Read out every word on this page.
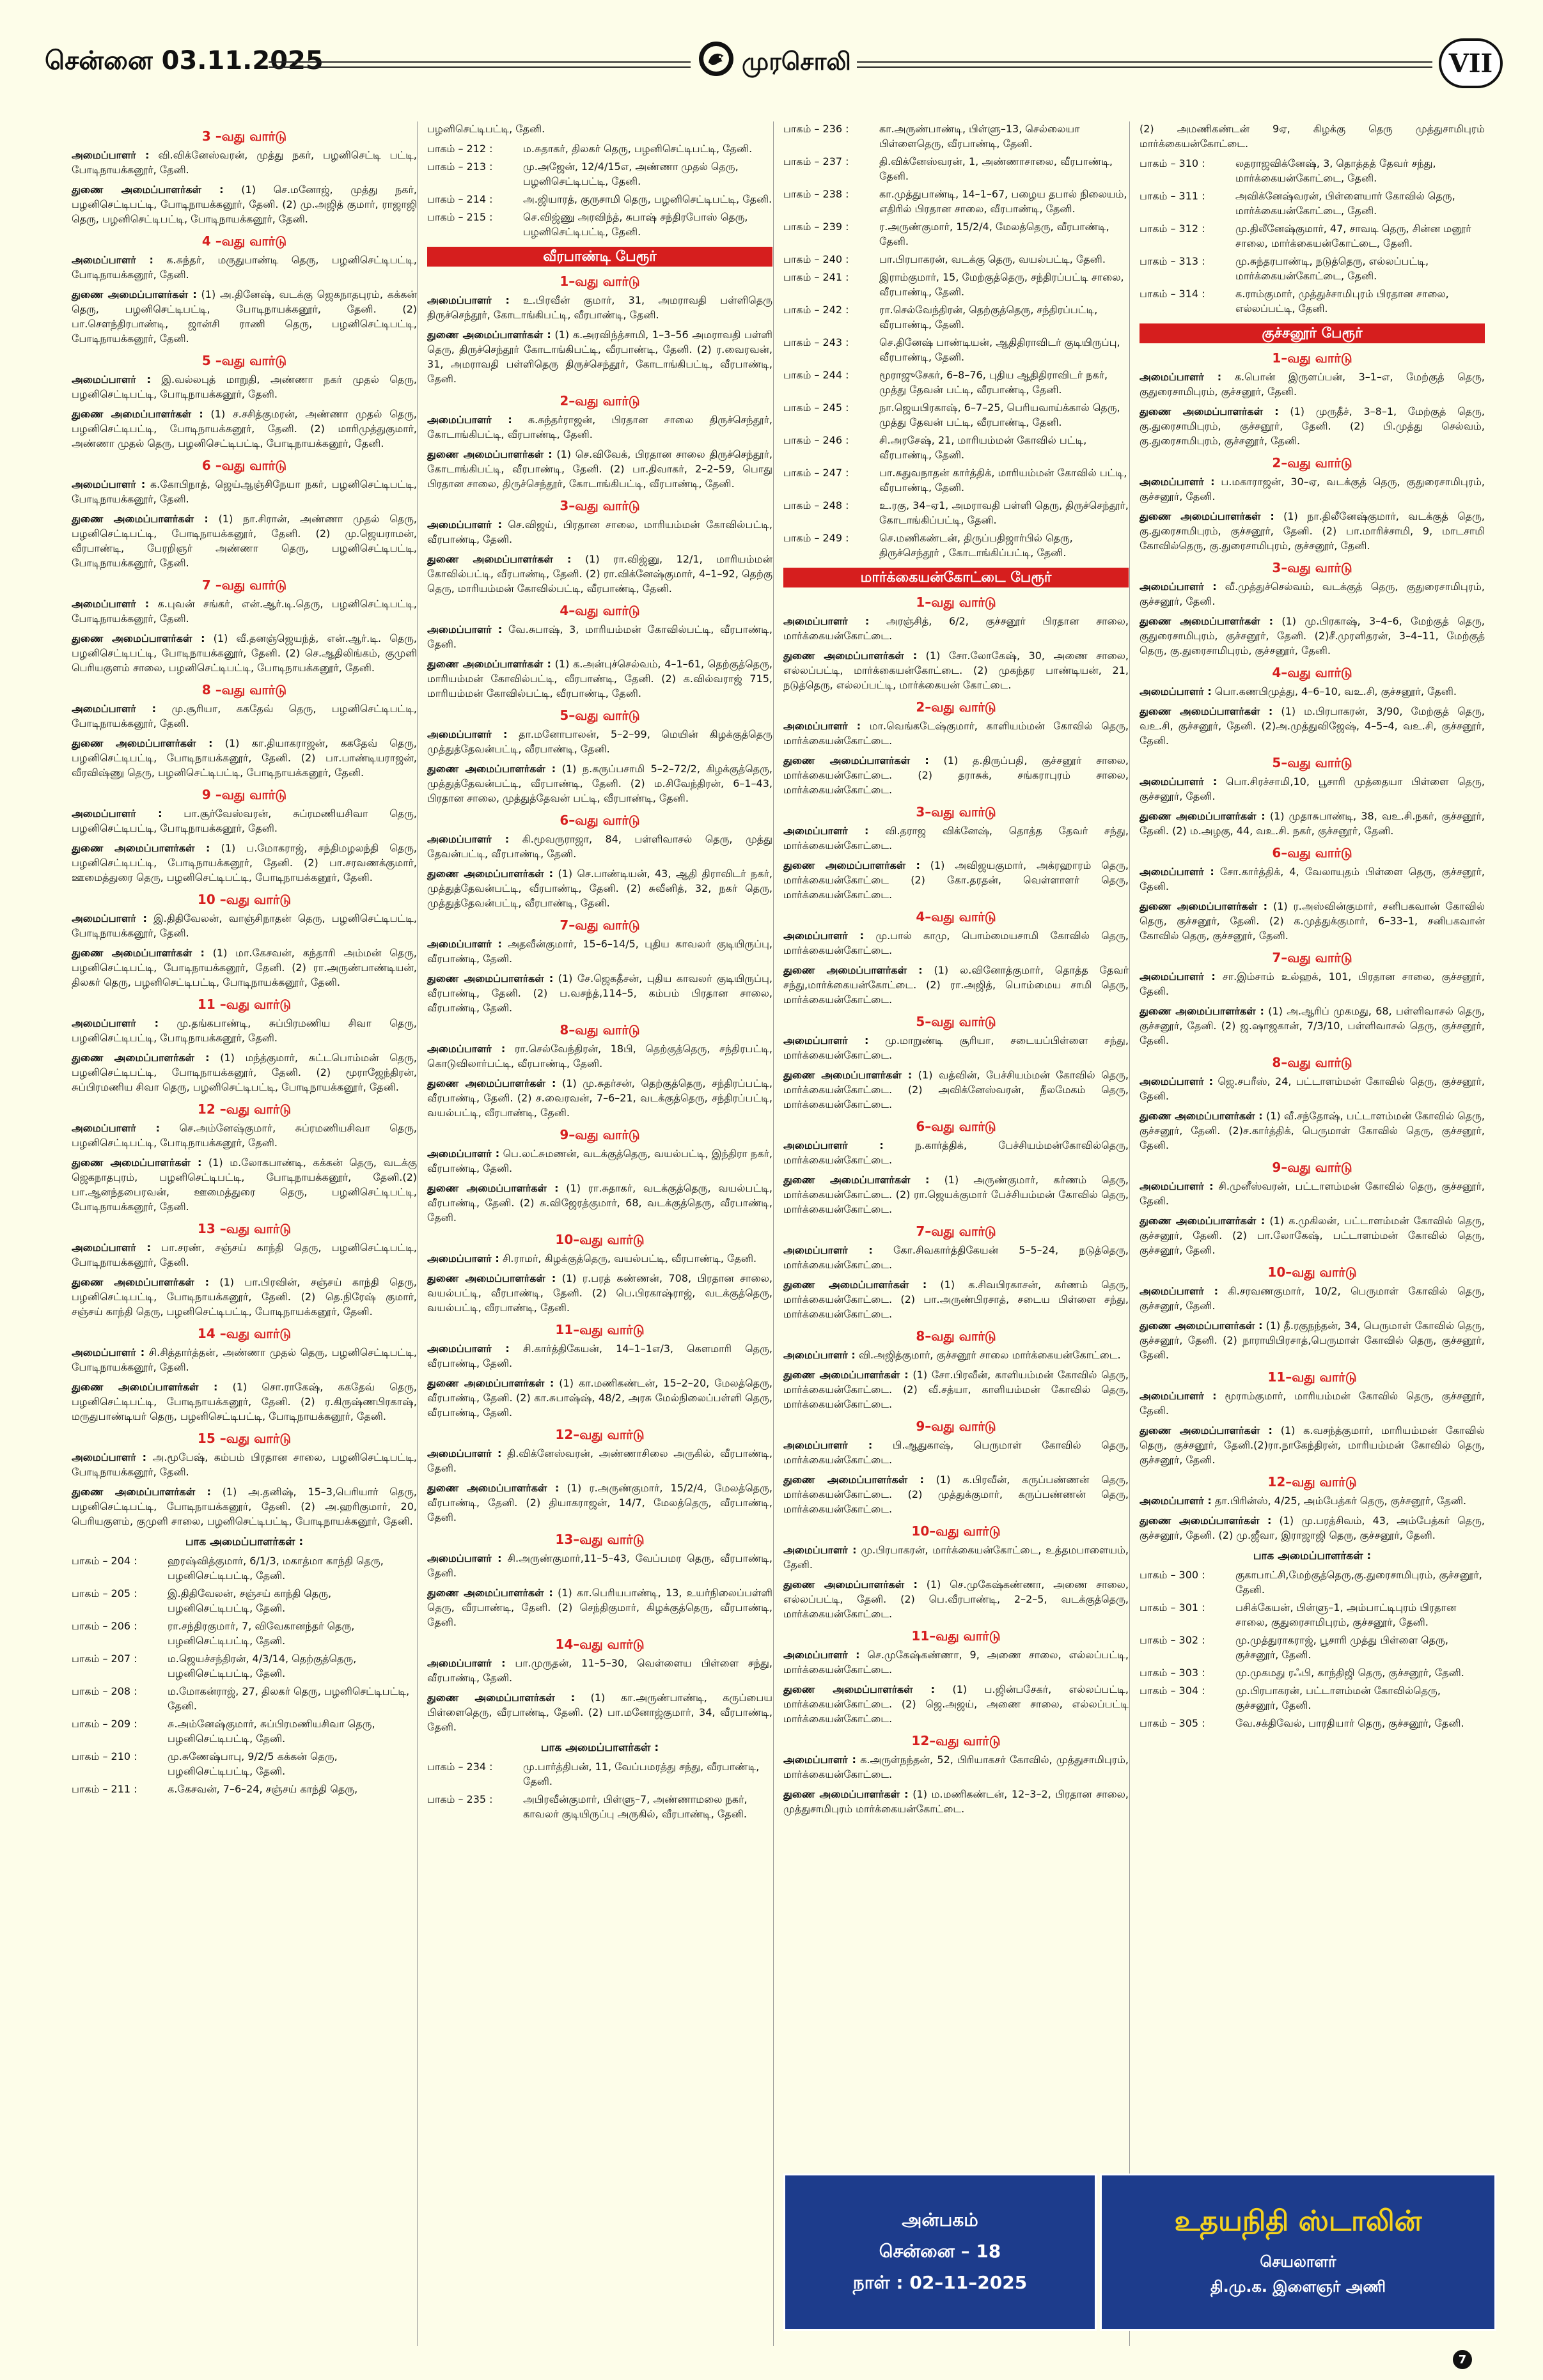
சென்னை 03.11.2025	முரசொலி	VII
3 –வது வார்டு
அமைப்பாளர் : வி.விக்னேஸ்வரன், முத்து நகர், பழனிசெட்டி பட்டி, போடிநாயக்கனூர், தேனி.
துணை அமைப்பாளர்கள் : (1) செ.மனோஜ், முத்து நகர், பழனிசெட்டிபட்டி, போடிநாயக்கனூர், தேனி. (2) மு.அஜித் குமார், ராஜாஜி தெரு, பழனிசெட்டிபட்டி, போடிநாயக்கனூர், தேனி.
4 –வது வார்டு
அமைப்பாளர் : க.சுந்தர், மருதுபாண்டி தெரு, பழனிசெட்டிபட்டி, போடிநாயக்கனூர், தேனி.
துணை அமைப்பாளர்கள் : (1) அ.தினேஷ், வடக்கு ஜெகநாதபுரம், கக்கன் தெரு, பழனிசெட்டிபட்டி, போடிநாயக்கனூர், தேனி. (2) பா.சௌந்திரபாண்டி, ஜான்சி ராணி தெரு, பழனிசெட்டிபட்டி, போடிநாயக்கனூர், தேனி.
5 –வது வார்டு
அமைப்பாளர் : இ.வல்லபுத் மாறுதி, அண்ணா நகர் முதல் தெரு, பழனிசெட்டிபட்டி, போடிநாயக்கனூர், தேனி.
துணை அமைப்பாளர்கள் : (1) ச.சசித்குமரன், அண்ணா முதல் தெரு, பழனிசெட்டிபட்டி, போடிநாயக்கனூர், தேனி. (2) மாரிமுத்துகுமார், அண்ணா முதல் தெரு, பழனிசெட்டிபட்டி, போடிநாயக்கனூர், தேனி.
6 –வது வார்டு
அமைப்பாளர் : க.கோபிநாத், ஜெய்ஆஞ்சிநேயா நகர், பழனிசெட்டிபட்டி, போடிநாயக்கனூர், தேனி.
துணை அமைப்பாளர்கள் : (1) நா.சிரான், அண்ணா முதல் தெரு, பழனிசெட்டிபட்டி, போடிநாயக்கனூர், தேனி. (2) மு.ஜெயராமன், வீரபாண்டி, பேரறிஞர் அண்ணா தெரு, பழனிசெட்டிபட்டி, போடிநாயக்கனூர், தேனி.
7 –வது வார்டு
அமைப்பாளர் : க.புவன் சங்கர், என்.ஆர்.டி.தெரு, பழனிசெட்டிபட்டி, போடிநாயக்கனூர், தேனி.
துணை அமைப்பாளர்கள் : (1) வீ.தனஞ்ஜெயந்த், என்.ஆர்.டி. தெரு, பழனிசெட்டிபட்டி, போடிநாயக்கனூர், தேனி. (2) செ.ஆதிலிங்கம், குமுளி பெரியகுளம் சாலை, பழனிசெட்டிபட்டி, போடிநாயக்கனூர், தேனி.
8 –வது வார்டு
அமைப்பாளர் : மு.சூரியா, ககதேவ் தெரு, பழனிசெட்டிபட்டி, போடிநாயக்கனூர், தேனி.
துணை அமைப்பாளர்கள் : (1) கா.தியாகராஜன், ககதேவ் தெரு, பழனிசெட்டிபட்டி, போடிநாயக்கனூர், தேனி. (2) பா.பாண்டியராஜன், வீரவிஷ்ணு தெரு, பழனிசெட்டிபட்டி, போடிநாயக்கனூர், தேனி.
9 –வது வார்டு
அமைப்பாளர் : பா.சூர்வேஸ்வரன், சுப்ரமணியசிவா தெரு, பழனிசெட்டிபட்டி, போடிநாயக்கனூர், தேனி.
துணை அமைப்பாளர்கள் : (1) ப.மோகராஜ், சந்திமழலந்தி தெரு, பழனிசெட்டிபட்டி, போடிநாயக்கனூர், தேனி. (2) பா.சரவணக்குமார், ஊமைத்துரை தெரு, பழனிசெட்டிபட்டி, போடிநாயக்கனூர், தேனி.
10 –வது வார்டு
அமைப்பாளர் : இ.திதிவேலன், வாஞ்சிநாதன் தெரு, பழனிசெட்டிபட்டி, போடிநாயக்கனூர், தேனி.
துணை அமைப்பாளர்கள் : (1) மா.கேசவன், கந்தாரி அம்மன் தெரு, பழனிசெட்டிபட்டி, போடிநாயக்கனூர், தேனி. (2) ரா.அருண்பாண்டியன், திலகர் தெரு, பழனிசெட்டிபட்டி, போடிநாயக்கனூர், தேனி.
11 –வது வார்டு
அமைப்பாளர் : மு.தங்கபாண்டி, சுப்பிரமணிய சிவா தெரு, பழனிசெட்டிபட்டி, போடிநாயக்கனூர், தேனி.
துணை அமைப்பாளர்கள் : (1) மந்த்குமார், சுட்டபொம்மன் தெரு, பழனிசெட்டிபட்டி, போடிநாயக்கனூர், தேனி. (2) மூராஜேந்திரன், சுப்பிரமணிய சிவா தெரு, பழனிசெட்டிபட்டி, போடிநாயக்கனூர், தேனி.
12 –வது வார்டு
அமைப்பாளர் : செ.அம்னேஷ்குமார், சுப்ரமணியசிவா தெரு, பழனிசெட்டிபட்டி, போடிநாயக்கனூர், தேனி.
துணை அமைப்பாளர்கள் : (1) ம.லோகபாண்டி, கக்கன் தெரு, வடக்கு ஜெகநாதபுரம், பழனிசெட்டிபட்டி, போடிநாயக்கனூர், தேனி.(2) பா.ஆனந்தபைரவன், ஊமைத்துரை தெரு, பழனிசெட்டிபட்டி, போடிநாயக்கனூர், தேனி.
13 –வது வார்டு
அமைப்பாளர் : பா.சரண், சஞ்சய் காந்தி தெரு, பழனிசெட்டிபட்டி, போடிநாயக்கனூர், தேனி.
துணை அமைப்பாளர்கள் : (1) பா.பிரவின், சஞ்சய் காந்தி தெரு, பழனிசெட்டிபட்டி, போடிநாயக்கனூர், தேனி. (2) தெ.நிரேஷ் குமார், சஞ்சய் காந்தி தெரு, பழனிசெட்டிபட்டி, போடிநாயக்கனூர், தேனி.
14 –வது வார்டு
அமைப்பாளர் : சி.சித்தார்த்தன், அண்ணா முதல் தெரு, பழனிசெட்டிபட்டி, போடிநாயக்கனூர், தேனி.
துணை அமைப்பாளர்கள் : (1) சொ.ராகேஷ், ககதேவ் தெரு, பழனிசெட்டிபட்டி, போடிநாயக்கனூர், தேனி. (2) ர.கிருஷ்ணபிரகாஷ், மருதுபாண்டியர் தெரு, பழனிசெட்டிபட்டி, போடிநாயக்கனூர், தேனி.
15 –வது வார்டு
அமைப்பாளர் : அ.மூபேஷ், கம்பம் பிரதான சாலை, பழனிசெட்டிபட்டி, போடிநாயக்கனூர், தேனி.
துணை அமைப்பாளர்கள் : (1) அ.தனிஷ், 15–3,பெரியார் தெரு, பழனிசெட்டிபட்டி, போடிநாயக்கனூர், தேனி. (2) அ.ஹரிகுமார், 20, பெரியகுளம், குமுளி சாலை, பழனிசெட்டிபட்டி, போடிநாயக்கனூர், தேனி.
பாக அமைப்பாளர்கள் :
பாகம் – 204 :	ஹரஷ்வித்குமார், 6/1/3, மகாத்மா காந்தி தெரு, பழனிசெட்டிபட்டி, தேனி.
பாகம் – 205 :	இ.திதிவேலன், சஞ்சய் காந்தி தெரு, பழனிசெட்டிபட்டி, தேனி.
பாகம் – 206 :	ரா.சந்திரகுமார், 7, விவேகானந்தர் தெரு, பழனிசெட்டிபட்டி, தேனி.
பாகம் – 207 :	ம.ஜெயச்சந்திரன், 4/3/14, தெற்குத்தெரு, பழனிசெட்டிபட்டி, தேனி.
பாகம் – 208 :	ம.மோகன்ராஜ், 27, திலகர் தெரு, பழனிசெட்டிபட்டி, தேனி.
பாகம் – 209 :	சு.அம்னேஷ்குமார், சுப்பிரமணியசிவா தெரு, பழனிசெட்டிபட்டி, தேனி.
பாகம் – 210 :	மு.சுணேஷ்பாபு, 9/2/5 கக்கன் தெரு, பழனிசெட்டிபட்டி, தேனி.
பாகம் – 211 :	க.கேசவன், 7–6–24, சஞ்சய் காந்தி தெரு,
பழனிசெட்டிபட்டி, தேனி.
பாகம் – 212 :	ம.சுதாகர், திலகர் தெரு, பழனிசெட்டிபட்டி, தேனி.
பாகம் – 213 :	மு.அஜேன், 12/4/15எ, அண்ணா முதல் தெரு, பழனிசெட்டிபட்டி, தேனி.
பாகம் – 214 :	அ.ஜியாரத், குருசாமி தெரு, பழனிசெட்டிபட்டி, தேனி.
பாகம் – 215 :	செ.விஜ்ணு அரவிந்த், சுபாஷ் சந்திரபோஸ் தெரு, பழனிசெட்டிபட்டி, தேனி.
வீரபாண்டி பேரூர்
1–வது வார்டு
அமைப்பாளர் : உ.பிரவீன் குமார், 31, அமராவதி பள்ளிதெரு திருச்செந்தூர், கோடாங்கிபட்டி, வீரபாண்டி, தேனி.
துணை அமைப்பாளர்கள் : (1) க.அரவிந்த்சாமி, 1–3–56 அமராவதி பள்ளி தெரு, திருச்செந்தூர் கோடாங்கிபட்டி, வீரபாண்டி, தேனி. (2) ர.வைரவன், 31, அமராவதி பள்ளிதெரு திருச்செந்தூர், கோடாங்கிபட்டி, வீரபாண்டி, தேனி.
2–வது வார்டு
அமைப்பாளர் : க.சுந்தர்ராஜன், பிரதான சாலை திருச்செந்தூர், கோடாங்கிபட்டி, வீரபாண்டி, தேனி.
துணை அமைப்பாளர்கள் : (1) செ.விவேக், பிரதான சாலை திருச்செந்தூர், கோடாங்கிபட்டி, வீரபாண்டி, தேனி. (2) பா.திவாகர், 2–2–59, பொது பிரதான சாலை, திருச்செந்தூர், கோடாங்கிபட்டி, வீரபாண்டி, தேனி.
3–வது வார்டு
அமைப்பாளர் : செ.விஜய், பிரதான சாலை, மாரியம்மன் கோவில்பட்டி, வீரபாண்டி, தேனி.
துணை அமைப்பாளர்கள் : (1) ரா.விஜ்னு, 12/1, மாரியம்மன் கோவில்பட்டி, வீரபாண்டி, தேனி. (2) ரா.விக்னேஷ்குமார், 4–1–92, தெற்கு தெரு, மாரியம்மன் கோவில்பட்டி, வீரபாண்டி, தேனி.
4–வது வார்டு
அமைப்பாளர் : வே.சுபாஷ், 3, மாரியம்மன் கோவில்பட்டி, வீரபாண்டி, தேனி.
துணை அமைப்பாளர்கள் : (1) க.அன்புச்செல்வம், 4–1–61, தெற்குத்தெரு, மாரியம்மன் கோவில்பட்டி, வீரபாண்டி, தேனி. (2) க.வில்வராஜ் 715, மாரியம்மன் கோவில்பட்டி, வீரபாண்டி, தேனி.
5–வது வார்டு
அமைப்பாளர் : தா.மனோபாலன், 5–2–99, மெயின் கிழக்குத்தெரு முத்துத்தேவன்பட்டி, வீரபாண்டி, தேனி.
துணை அமைப்பாளர்கள் : (1) ந.கருப்பசாமி 5–2–72/2, கிழக்குத்தெரு, முத்துத்தேவன்பட்டி, வீரபாண்டி, தேனி. (2) ம.சிவேந்திரன், 6–1–43, பிரதான சாலை, முத்துத்தேவன் பட்டி, வீரபாண்டி, தேனி.
6–வது வார்டு
அமைப்பாளர் : கி.மூவருராஜா, 84, பள்ளிவாசல் தெரு, முத்து தேவன்பட்டி, வீரபாண்டி, தேனி.
துணை அமைப்பாளர்கள் : (1) செ.பாண்டியன், 43, ஆதி திராவிடர் நகர், முத்துத்தேவன்பட்டி, வீரபாண்டி, தேனி. (2) சுவீனித், 32, நகர் தெரு, முத்துத்தேவன்பட்டி, வீரபாண்டி, தேனி.
7–வது வார்டு
அமைப்பாளர் : அதவீன்குமார், 15–6–14/5, புதிய காவலர் குடியிருப்பு, வீரபாண்டி, தேனி.
துணை அமைப்பாளர்கள் : (1) சே.ஜெகதீசன், புதிய காவலர் குடியிருப்பு, வீரபாண்டி, தேனி. (2) ப.வசந்த்,114–5, கம்பம் பிரதான சாலை, வீரபாண்டி, தேனி.
8–வது வார்டு
அமைப்பாளர் : ரா.செல்வேந்திரன், 18பி, தெற்குத்தெரு, சந்திரபட்டி, கொடுவிலார்பட்டி, வீரபாண்டி, தேனி.
துணை அமைப்பாளர்கள் : (1) மு.சுதர்சன், தெற்குத்தெரு, சந்திரப்பட்டி, வீரபாண்டி, தேனி. (2) ச.வைரவன், 7–6–21, வடக்குத்தெரு, சந்திரப்பட்டி, வயல்பட்டி, வீரபாண்டி, தேனி.
9–வது வார்டு
அமைப்பாளர் : பெ.லட்சுமணன், வடக்குத்தெரு, வயல்பட்டி, இந்திரா நகர், வீரபாண்டி, தேனி.
துணை அமைப்பாளர்கள் : (1) ரா.சுதாகர், வடக்குத்தெரு, வயல்பட்டி, வீரபாண்டி, தேனி. (2) சு.விஜேரத்குமார், 68, வடக்குத்தெரு, வீரபாண்டி, தேனி.
10–வது வார்டு
அமைப்பாளர் : சி.ராமர், கிழக்குத்தெரு, வயல்பட்டி, வீரபாண்டி, தேனி.
துணை அமைப்பாளர்கள் : (1) ர.பரத் கண்ணன், 708, பிரதான சாலை, வயல்பட்டி, வீரபாண்டி, தேனி. (2) பெ.பிரகாஷ்ராஜ், வடக்குத்தெரு, வயல்பட்டி, வீரபாண்டி, தேனி.
11–வது வார்டு
அமைப்பாளர் : சி.கார்த்திகேயன், 14–1–1எ/3, கௌமாரி தெரு, வீரபாண்டி, தேனி.
துணை அமைப்பாளர்கள் : (1) கா.மணிகண்டன், 15–2–20, மேலத்தெரு, வீரபாண்டி, தேனி. (2) கா.சுபாஷ்ஷ், 48/2, அரசு மேல்நிலைப்பள்ளி தெரு, வீரபாண்டி, தேனி.
12–வது வார்டு
அமைப்பாளர் : தி.விக்னேஸ்வரன், அண்ணாசிலை அருகில், வீரபாண்டி, தேனி.
துணை அமைப்பாளர்கள் : (1) ர.அருண்குமார், 15/2/4, மேலத்தெரு, வீரபாண்டி, தேனி. (2) தியாகராஜன், 14/7, மேலத்தெரு, வீரபாண்டி, தேனி.
13–வது வார்டு
அமைப்பாளர் : சி.அருண்குமார்,11–5–43, வேப்பமர தெரு, வீரபாண்டி, தேனி.
துணை அமைப்பாளர்கள் : (1) கா.பெரியபாண்டி, 13, உயர்நிலைப்பள்ளி தெரு, வீரபாண்டி, தேனி. (2) செந்திகுமார், கிழக்குத்தெரு, வீரபாண்டி, தேனி.
14–வது வார்டு
அமைப்பாளர் : பா.முருதன், 11–5–30, வெள்ளைய பிள்ளை சந்து, வீரபாண்டி, தேனி.
துணை அமைப்பாளர்கள் : (1) கா.அருண்பாண்டி, கருப்பைய பிள்ளைதெரு, வீரபாண்டி, தேனி. (2) பா.மனோஜ்குமார், 34, வீரபாண்டி, தேனி.
பாக அமைப்பாளர்கள் :
பாகம் – 234 :	மு.பார்த்திபன், 11, வேப்பமரத்து சந்து, வீரபாண்டி, தேனி.
பாகம் – 235 :	அபிரவீன்குமார், பிள்ளு–7, அண்ணாமலை நகர், காவலர் குடியிருப்பு அருகில், வீரபாண்டி, தேனி.
பாகம் – 236 :	கா.அருண்பாண்டி, பிள்ளு–13, செல்லையா பிள்ளைதெரு, வீரபாண்டி, தேனி.
பாகம் – 237 :	தி.விக்னேஸ்வரன், 1, அண்ணாசாலை, வீரபாண்டி, தேனி.
பாகம் – 238 :	கா.முத்துபாண்டி, 14–1–67, பழைய தபால் நிலையம், எதிரில் பிரதான சாலை, வீரபாண்டி, தேனி.
பாகம் – 239 :	ர.அருண்குமார், 15/2/4, மேலத்தெரு, வீரபாண்டி, தேனி.
பாகம் – 240 :	பா.பிரபாகரன், வடக்கு தெரு, வயல்பட்டி, தேனி.
பாகம் – 241 :	இராம்குமார், 15, மேற்குத்தெரு, சந்திரப்பட்டி சாலை, வீரபாண்டி, தேனி.
பாகம் – 242 :	ரா.செல்வேந்திரன், தெற்குத்தெரு, சந்திரப்பட்டி, வீரபாண்டி, தேனி.
பாகம் – 243 :	செ.தினேஷ் பாண்டியன், ஆதிதிராவிடர் குடியிருப்பு, வீரபாண்டி, தேனி.
பாகம் – 244 :	மூராஜுசேகர், 6–8–76, புதிய ஆதிதிராவிடர் நகர், முத்து தேவன் பட்டி, வீரபாண்டி, தேனி.
பாகம் – 245 :	நா.ஜெயபிரகாஷ், 6–7–25, பெரியவாய்க்கால் தெரு, முத்து தேவன் பட்டி, வீரபாண்டி, தேனி.
பாகம் – 246 :	சி.அரசேஷ், 21, மாரியம்மன் கோவில் பட்டி, வீரபாண்டி, தேனி.
பாகம் – 247 :	பா.சுதுவநாதன் கார்த்திக், மாரியம்மன் கோவில் பட்டி, வீரபாண்டி, தேனி.
பாகம் – 248 :	உ.ரகு, 34–ஏ1, அமராவதி பள்ளி தெரு, திருச்செந்தூர், கோடாங்கிப்பட்டி, தேனி.
பாகம் – 249 :	செ.மணிகண்டன், திருப்பதிஜார்பில் தெரு, திருச்செந்தூர் , கோடாங்கிப்பட்டி, தேனி.
மார்க்கையன்கோட்டை பேரூர்
1–வது வார்டு
அமைப்பாளர் : அரஞ்சித், 6/2, குச்சனூர் பிரதான சாலை, மார்க்கையன்கோட்டை.
துணை அமைப்பாளர்கள் : (1) சோ.லோகேஷ், 30, அணை சாலை, எல்லப்பட்டி, மார்க்கையன்கோட்டை. (2) முகந்தர பாண்டியன், 21, நடுத்தெரு, எல்லப்பட்டி, மார்க்கையன் கோட்டை.
2–வது வார்டு
அமைப்பாளர் : மா.வெங்கடேஷ்குமார், காளியம்மன் கோவில் தெரு, மார்க்கையன்கோட்டை.
துணை அமைப்பாளர்கள் : (1) த.திருப்பதி, குச்சனூர் சாலை, மார்க்கையன்கோட்டை. (2) தராசுக், சங்கராபுரம் சாலை, மார்க்கையன்கோட்டை.
3–வது வார்டு
அமைப்பாளர் : வி.தராஜ விக்னேஷ், தொத்த தேவர் சந்து, மார்க்கையன்கோட்டை.
துணை அமைப்பாளர்கள் : (1) அவிஜயகுமார், அக்ரஹாரம் தெரு, மார்க்கையன்கோட்டை (2) கோ.தரதன், வெள்ளாளர் தெரு, மார்க்கையன்கோட்டை.
4–வது வார்டு
அமைப்பாளர் : மு.பால் காமு, பொம்மையசாமி கோவில் தெரு, மார்க்கையன்கோட்டை.
துணை அமைப்பாளர்கள் : (1) ல.வினோத்குமார், தொத்த தேவர் சந்து,மார்க்கையன்கோட்டை. (2) ரா.அஜித், பொம்மைய சாமி தெரு, மார்க்கையன்கோட்டை.
5–வது வார்டு
அமைப்பாளர் : மு.மாறுண்டி சூரியா, சடையப்பிள்ளை சந்து, மார்க்கையன்கோட்டை.
துணை அமைப்பாளர்கள் : (1) வத்வின், பேச்சியம்மன் கோவில் தெரு, மார்க்கையன்கோட்டை. (2) அவிக்னேஸ்வரன், நீலமேகம் தெரு, மார்க்கையன்கோட்டை.
6–வது வார்டு
அமைப்பாளர் :	ந.கார்த்திக், பேச்சியம்மன்கோவில்தெரு, மார்க்கையன்கோட்டை.
துணை அமைப்பாளர்கள் : (1) அருண்குமார், கர்ணம் தெரு, மார்க்கையன்கோட்டை. (2) ரா.ஜெயக்குமார் பேச்சியம்மன் கோவில் தெரு, மார்க்கையன்கோட்டை.
7–வது வார்டு
அமைப்பாளர் : கோ.சிவகார்த்திகேயன் 5–5–24, நடுத்தெரு, மார்க்கையன்கோட்டை.
துணை அமைப்பாளர்கள் : (1) க.சிவபிரகாசன், கர்ணம் தெரு, மார்க்கையன்கோட்டை. (2) பா.அருண்பிரசாத், சடைய பிள்ளை சந்து, மார்க்கையன்கோட்டை.
8–வது வார்டு
அமைப்பாளர் : வி.அஜித்குமார், குச்சனூர் சாலை மார்க்கையன்கோட்டை.
துணை அமைப்பாளர்கள் : (1) சோ.பிரவீன், காளியம்மன் கோவில் தெரு, மார்க்கையன்கோட்டை. (2) வீ.சத்யா, காளியம்மன் கோவில் தெரு, மார்க்கையன்கோட்டை.
9–வது வார்டு
அமைப்பாளர் : பி.ஆதுகாஷ், பெருமாள் கோவில் தெரு, மார்க்கையன்கோட்டை.
துணை அமைப்பாளர்கள் : (1) க.பிரவீன், கருப்பண்ணன் தெரு, மார்க்கையன்கோட்டை. (2) முத்துக்குமார், கருப்பண்ணன் தெரு, மார்க்கையன்கோட்டை.
10–வது வார்டு
அமைப்பாளர் : மு.பிரபாகரன், மார்க்கையன்கோட்டை, உத்தமபாளையம், தேனி.
துணை அமைப்பாளர்கள் : (1) செ.முகேஷ்கண்ணா, அணை சாலை, எல்லப்பட்டி, தேனி. (2) பெ.வீரபாண்டி, 2–2–5, வடக்குத்தெரு, மார்க்கையன்கோட்டை.
11–வது வார்டு
அமைப்பாளர் : செ.முகேஷ்கண்ணா, 9, அணை சாலை, எல்லப்பட்டி, மார்க்கையன்கோட்டை.
துணை அமைப்பாளர்கள் : (1) ப.ஜின்பசேகர், எல்லப்பட்டி, மார்க்கையன்கோட்டை. (2) ஜெ.அஜய், அணை சாலை, எல்லப்பட்டி மார்க்கையன்கோட்டை.
12–வது வார்டு
அமைப்பாளர் : க.அருள்நந்தன், 52, பிரியாகசர் கோவில், முத்துசாமிபுரம், மார்க்கையன்கோட்டை.
துணை அமைப்பாளர்கள் : (1) ம.மணிகண்டன், 12–3–2, பிரதான சாலை, முத்துசாமிபுரம் மார்க்கையன்கோட்டை.
(2) அமணிகண்டன் 9ஏ, கிழக்கு தெரு முத்துசாமிபுரம் மார்க்கையன்கோட்டை.
பாகம் – 310 :	லதராஜவிக்னேஷ், 3, தொத்தத் தேவர் சந்து, மார்க்கையன்கோட்டை, தேனி.
பாகம் – 311 :	அவிக்னேஷ்வரன், பிள்ளையார் கோவில் தெரு, மார்க்கையன்கோட்டை, தேனி.
பாகம் – 312 :	மு.திலீனேஷ்குமார், 47, சாவடி தெரு, சின்ன மனூர் சாலை, மார்க்கையன்கோட்டை, தேனி.
பாகம் – 313 :	மு.சுந்தரபாண்டி, நடுத்தெரு, எல்லப்பட்டி, மார்க்கையன்கோட்டை, தேனி.
பாகம் – 314 :	க.ராம்குமார், முத்துச்சாமிபுரம் பிரதான சாலை, எல்லப்பட்டி, தேனி.
குச்சனூர் பேரூர்
1–வது வார்டு
அமைப்பாளர் : க.பொன் இருளப்பன், 3–1–எ, மேற்குத் தெரு, குதுரைசாமிபுரம், குச்சனூர், தேனி.
துணை அமைப்பாளர்கள் : (1) முருதீச், 3–8–1, மேற்குத் தெரு, கு.துரைசாமிபுரம், குச்சனூர், தேனி. (2) பி.முத்து செல்வம், கு.துரைசாமிபுரம், குச்சனூர், தேனி.
2–வது வார்டு
அமைப்பாளர் : ப.மகாராஜன், 30–ஏ, வடக்குத் தெரு, குதுரைசாமிபுரம், குச்சனூர், தேனி.
துணை அமைப்பாளர்கள் : (1) நா.திலீனேஷ்குமார், வடக்குத் தெரு, கு.துரைசாமிபுரம், குச்சனூர், தேனி. (2) பா.மாரிச்சாமி, 9, மாடசாமி கோவில்தெரு, கு.துரைசாமிபுரம், குச்சனூர், தேனி.
3–வது வார்டு
அமைப்பாளர் : வீ.முத்துச்செல்வம், வடக்குத் தெரு, குதுரைசாமிபுரம், குச்சனூர், தேனி.
துணை அமைப்பாளர்கள் : (1) மு.பிரகாஷ், 3–4–6, மேற்குத் தெரு, குதுரைசாமிபுரம், குச்சனூர், தேனி. (2)சீ.முரளிதரன், 3–4–11, மேற்குத் தெரு, கு.துரைசாமிபுரம், குச்சனூர், தேனி.
4–வது வார்டு
அமைப்பாளர் : பொ.கணபிமுத்து, 4–6–10, வஉ.சி, குச்சனூர், தேனி.
துணை அமைப்பாளர்கள் : (1) ம.பிரபாகரன், 3/90, மேற்குத் தெரு, வஉ.சி, குச்சனூர், தேனி. (2)அ.முத்துவிஜேஷ், 4–5–4, வஉ.சி, குச்சனூர், தேனி.
5–வது வார்டு
அமைப்பாளர் : பொ.சிரச்சாமி,10, பூசாரி முத்தையா பிள்ளை தெரு, குச்சனூர், தேனி.
துணை அமைப்பாளர்கள் : (1) முதாசுபாண்டி, 38, வஉ.சி.நகர், குச்சனூர், தேனி. (2) ம.அழகு, 44, வஉ.சி. நகர், குச்சனூர், தேனி.
6–வது வார்டு
அமைப்பாளர் : சோ.கார்த்திக், 4, வேலாயுதம் பிள்ளை தெரு, குச்சனூர், தேனி.
துணை அமைப்பாளர்கள் : (1) ர.அஸ்வின்குமார், சனிபகவான் கோவில் தெரு, குச்சனூர், தேனி. (2) க.முத்துக்குமார், 6–33–1, சனிபகவான் கோவில் தெரு, குச்சனூர், தேனி.
7–வது வார்டு
அமைப்பாளர் : சா.இம்சாம் உல்ஹக், 101, பிரதான சாலை, குச்சனூர், தேனி.
துணை அமைப்பாளர்கள் : (1) அ.ஆரிப் முகமது, 68, பள்ளிவாசல் தெரு, குச்சனூர், தேனி. (2) ஜ.ஷாஜகான், 7/3/10, பள்ளிவாசல் தெரு, குச்சனூர், தேனி.
8–வது வார்டு
அமைப்பாளர் : ஜெ.சபரீஸ், 24, பட்டாளம்மன் கோவில் தெரு, குச்சனூர், தேனி.
துணை அமைப்பாளர்கள் : (1) வீ.சந்தோஷ், பட்டாளம்மன் கோவில் தெரு, குச்சனூர், தேனி. (2)ச.கார்த்திக், பெருமாள் கோவில் தெரு, குச்சனூர், தேனி.
9–வது வார்டு
அமைப்பாளர் : சி.முனீஸ்வரன், பட்டாளம்மன் கோவில் தெரு, குச்சனூர், தேனி.
துணை அமைப்பாளர்கள் : (1) க.முகிலன், பட்டாளம்மன் கோவில் தெரு, குச்சனூர், தேனி. (2) பா.லோகேஷ், பட்டாளம்மன் கோவில் தெரு, குச்சனூர், தேனி.
10–வது வார்டு
அமைப்பாளர் : கி.சரவணகுமார், 10/2, பெருமாள் கோவில் தெரு, குச்சனூர், தேனி.
துணை அமைப்பாளர்கள் : (1) தீ.ரகுநந்தன், 34, பெருமாள் கோவில் தெரு, குச்சனூர், தேனி. (2) நாராயிபிரசாத்,பெருமாள் கோவில் தெரு, குச்சனூர், தேனி.
11–வது வார்டு
அமைப்பாளர் : மூராம்குமார், மாரியம்மன் கோவில் தெரு, குச்சனூர், தேனி.
துணை அமைப்பாளர்கள் : (1) க.வசந்த்குமார், மாரியம்மன் கோவில் தெரு, குச்சனூர், தேனி.(2)ரா.நாகேந்திரன், மாரியம்மன் கோவில் தெரு, குச்சனூர், தேனி.
12–வது வார்டு
அமைப்பாளர் : தா.பிரின்ஸ், 4/25, அம்பேத்கர் தெரு, குச்சனூர், தேனி.
துணை அமைப்பாளர்கள் : (1) மு.பரத்சிவம், 43, அம்பேத்கர் தெரு, குச்சனூர், தேனி. (2) மு.ஜீவா, இராஜாஜி தெரு, குச்சனூர், தேனி.
பாக அமைப்பாளர்கள் :
பாகம் – 300 :	குகாபாட்சி,மேற்குத்தெரு,கு.துரைசாமிபுரம், குச்சனூர், தேனி.
பாகம் – 301 :	பசிக்கேயன், பிள்ளு–1, அம்பாட்டிபுரம் பிரதான சாலை, குதுரைசாமிபுரம், குச்சனூர், தேனி.
பாகம் – 302 :	மு.முத்துராகராஜ், பூசாரி முத்து பிள்ளை தெரு, குச்சனூர், தேனி.
பாகம் – 303 :	மு.முகமது ரஃபி, காந்திஜி தெரு, குச்சனூர், தேனி.
பாகம் – 304 :	மு.பிரபாகரன், பட்டாளம்மன் கோவில்தெரு, குச்சனூர், தேனி.
பாகம் – 305 :	வே.சக்திவேல், பாரதியார் தெரு, குச்சனூர், தேனி.
அன்பகம்
சென்னை – 18
நாள் : 02–11–2025
உதயநிதி ஸ்டாலின்
செயலாளர்
தி.மு.க. இளைஞர் அணி
7
